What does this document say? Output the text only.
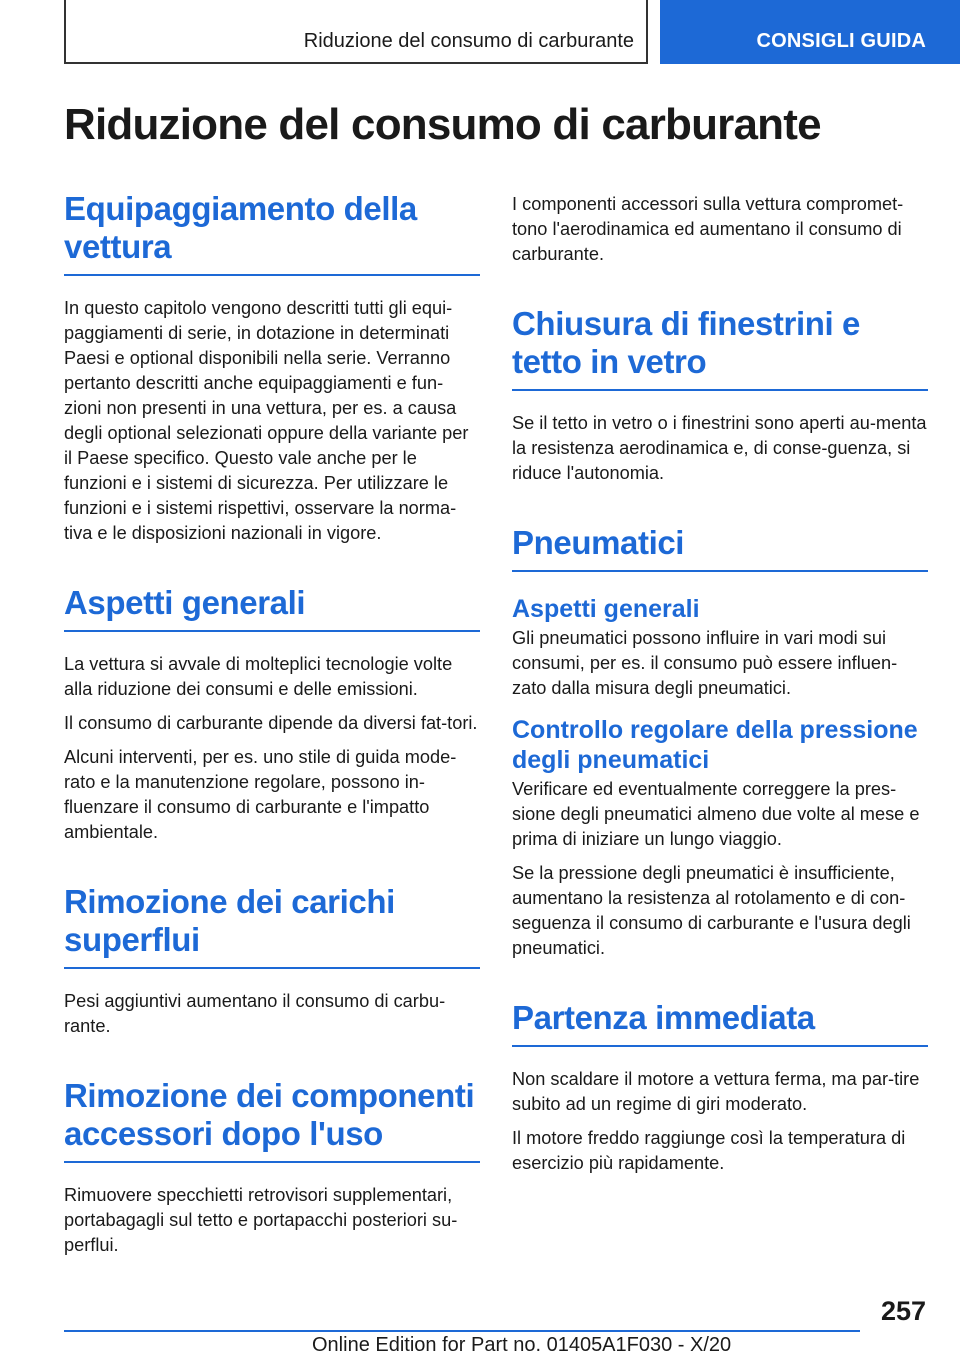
Riduzione del consumo di carburante	CONSIGLI GUIDA
Riduzione del consumo di carburante
Equipaggiamento della vettura

In questo capitolo vengono descritti tutti gli equi-paggiamenti di serie, in dotazione in determinati Paesi e optional disponibili nella serie. Verranno pertanto descritti anche equipaggiamenti e fun-zioni non presenti in una vettura, per es. a causa degli optional selezionati oppure della variante per il Paese specifico. Questo vale anche per le funzioni e i sistemi di sicurezza. Per utilizzare le funzioni e i sistemi rispettivi, osservare la norma-tiva e le disposizioni nazionali in vigore.

Aspetti generali

La vettura si avvale di molteplici tecnologie volte alla riduzione dei consumi e delle emissioni.

Il consumo di carburante dipende da diversi fat-tori.

Alcuni interventi, per es. uno stile di guida mode-rato e la manutenzione regolare, possono in-fluenzare il consumo di carburante e l'impatto ambientale.

Rimozione dei carichi superflui

Pesi aggiuntivi aumentano il consumo di carbu-rante.

Rimozione dei componenti accessori dopo l'uso

Rimuovere specchietti retrovisori supplementari, portabagagli sul tetto e portapacchi posteriori su-perflui.

I componenti accessori sulla vettura compromet-tono l'aerodinamica ed aumentano il consumo di carburante.

Chiusura di finestrini e tetto in vetro

Se il tetto in vetro o i finestrini sono aperti au-menta la resistenza aerodinamica e, di conse-guenza, si riduce l'autonomia.

Pneumatici
Aspetti generali

Gli pneumatici possono influire in vari modi sui consumi, per es. il consumo può essere influen-zato dalla misura degli pneumatici.

Controllo regolare della pressione degli pneumatici

Verificare ed eventualmente correggere la pres-sione degli pneumatici almeno due volte al mese e prima di iniziare un lungo viaggio.

Se la pressione degli pneumatici è insufficiente, aumentano la resistenza al rotolamento e di con-seguenza il consumo di carburante e l'usura degli pneumatici.

Partenza immediata

Non scaldare il motore a vettura ferma, ma par-tire subito ad un regime di giri moderato.

Il motore freddo raggiunge così la temperatura di esercizio più rapidamente.

257
Online Edition for Part no. 01405A1F030 - X/20
